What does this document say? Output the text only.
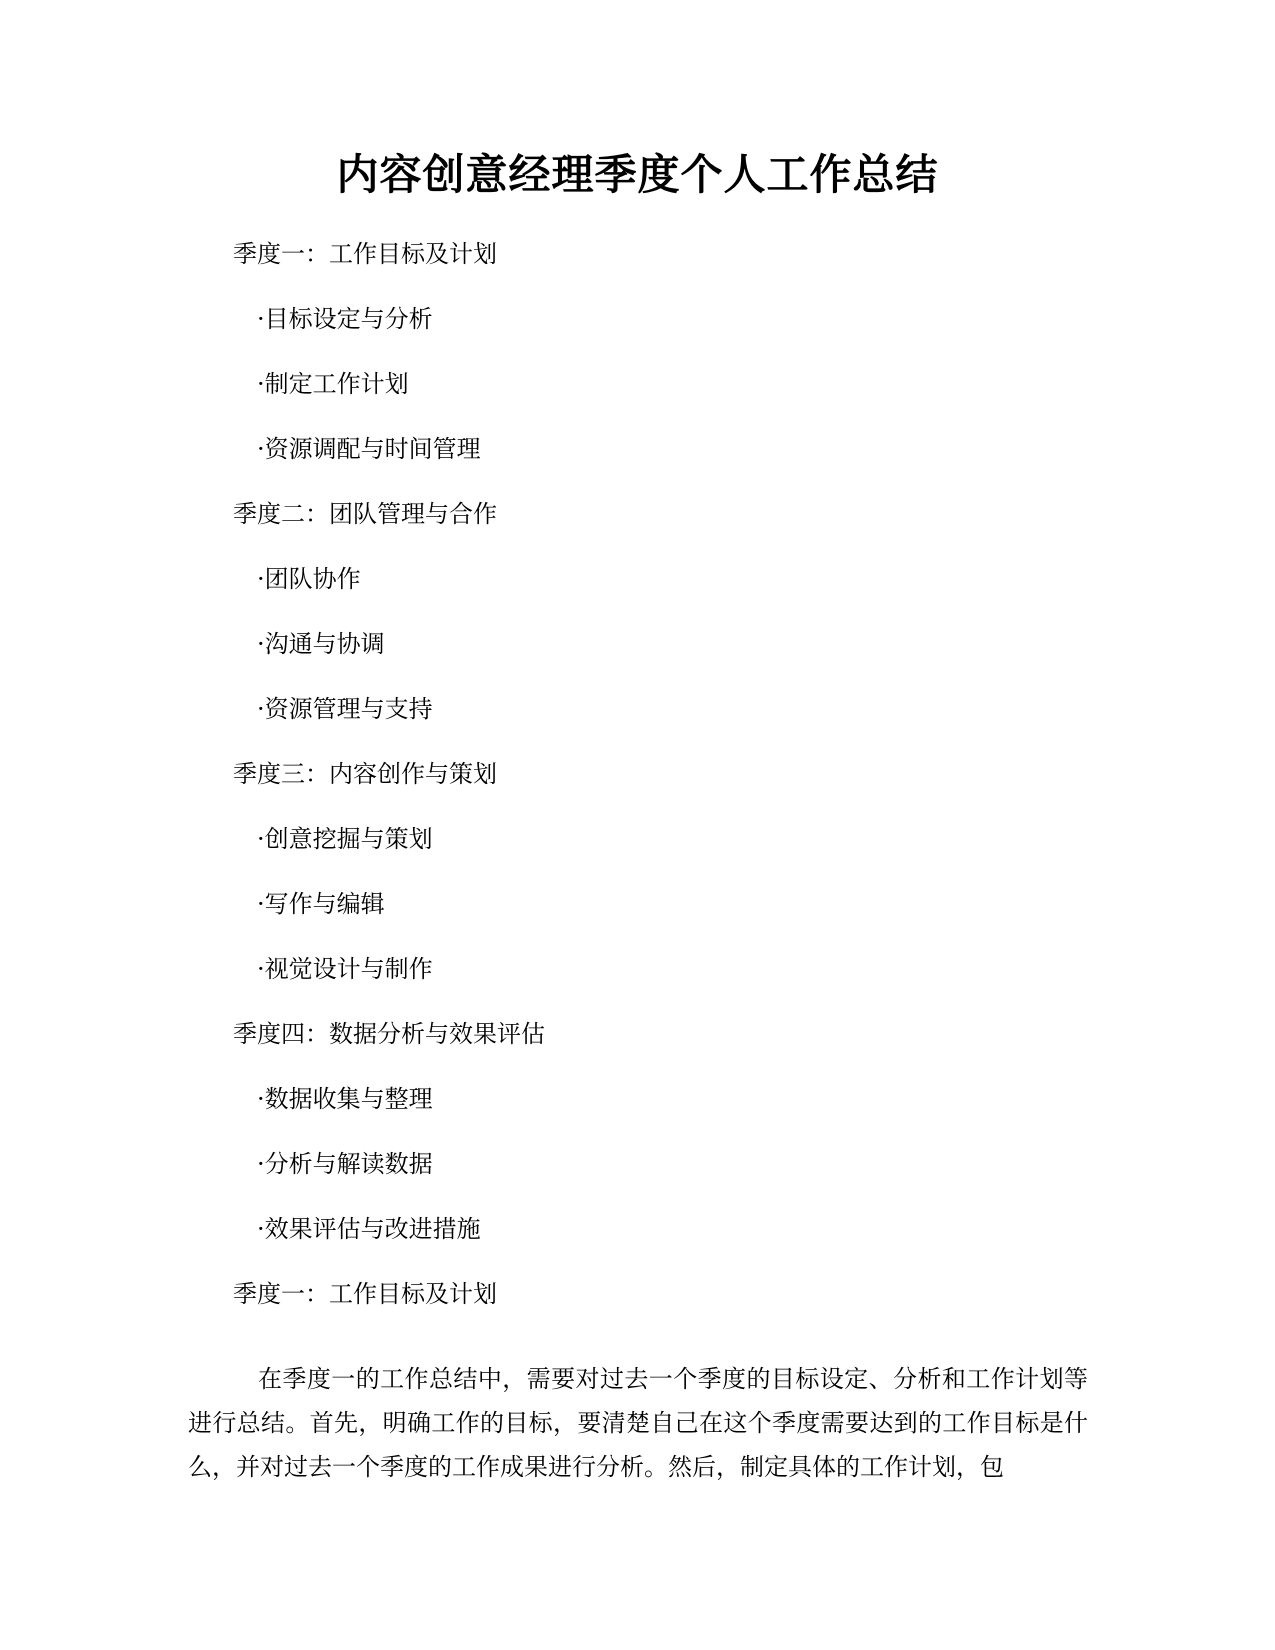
内容创意经理季度个人工作总结
季度一：工作目标及计划
·目标设定与分析
·制定工作计划
·资源调配与时间管理
季度二：团队管理与合作
·团队协作
·沟通与协调
·资源管理与支持
季度三：内容创作与策划
·创意挖掘与策划
·写作与编辑
·视觉设计与制作
季度四：数据分析与效果评估
·数据收集与整理
·分析与解读数据
·效果评估与改进措施
季度一：工作目标及计划

在季度一的工作总结中，需要对过去一个季度的目标设定、分析和工作计划等进行总结。首先，明确工作的目标，要清楚自己在这个季度需要达到的工作目标是什么，并对过去一个季度的工作成果进行分析。然后，制定具体的工作计划，包
